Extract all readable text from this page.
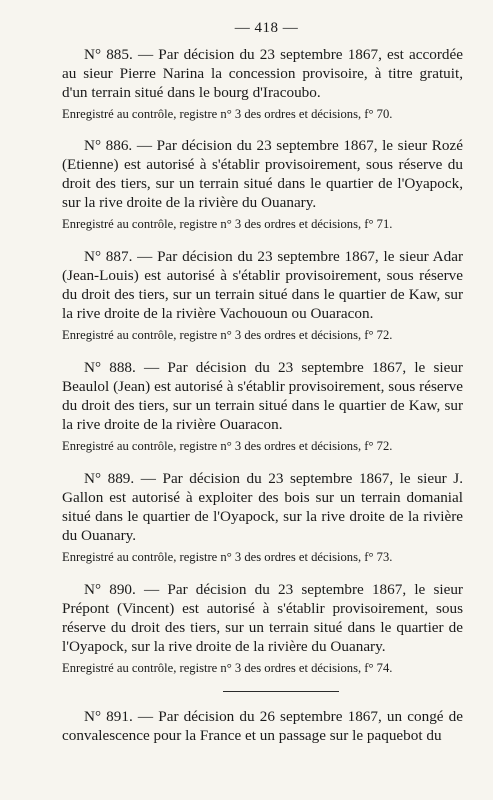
— 418 —

N° 885. — Par décision du 23 septembre 1867, est accordée au sieur Pierre Narina la concession provisoire, à titre gratuit, d'un terrain situé dans le bourg d'Iracoubo.

Enregistré au contrôle, registre n° 3 des ordres et décisions, f° 70.

N° 886. — Par décision du 23 septembre 1867, le sieur Rozé (Etienne) est autorisé à s'établir provisoirement, sous réserve du droit des tiers, sur un terrain situé dans le quartier de l'Oyapock, sur la rive droite de la rivière du Ouanary.

Enregistré au contrôle, registre n° 3 des ordres et décisions, f° 71.

N° 887. — Par décision du 23 septembre 1867, le sieur Adar (Jean-Louis) est autorisé à s'établir provisoirement, sous réserve du droit des tiers, sur un terrain situé dans le quartier de Kaw, sur la rive droite de la rivière Vachououn ou Ouaracon.

Enregistré au contrôle, registre n° 3 des ordres et décisions, f° 72.

N° 888. — Par décision du 23 septembre 1867, le sieur Beaulol (Jean) est autorisé à s'établir provisoirement, sous réserve du droit des tiers, sur un terrain situé dans le quartier de Kaw, sur la rive droite de la rivière Ouaracon.

Enregistré au contrôle, registre n° 3 des ordres et décisions, f° 72.

N° 889. — Par décision du 23 septembre 1867, le sieur J. Gallon est autorisé à exploiter des bois sur un terrain domanial situé dans le quartier de l'Oyapock, sur la rive droite de la rivière du Ouanary.

Enregistré au contrôle, registre n° 3 des ordres et décisions, f° 73.

N° 890. — Par décision du 23 septembre 1867, le sieur Prépont (Vincent) est autorisé à s'établir provisoirement, sous réserve du droit des tiers, sur un terrain situé dans le quartier de l'Oyapock, sur la rive droite de la rivière du Ouanary.

Enregistré au contrôle, registre n° 3 des ordres et décisions, f° 74.

N° 891. — Par décision du 26 septembre 1867, un congé de convalescence pour la France et un passage sur le paquebot du
